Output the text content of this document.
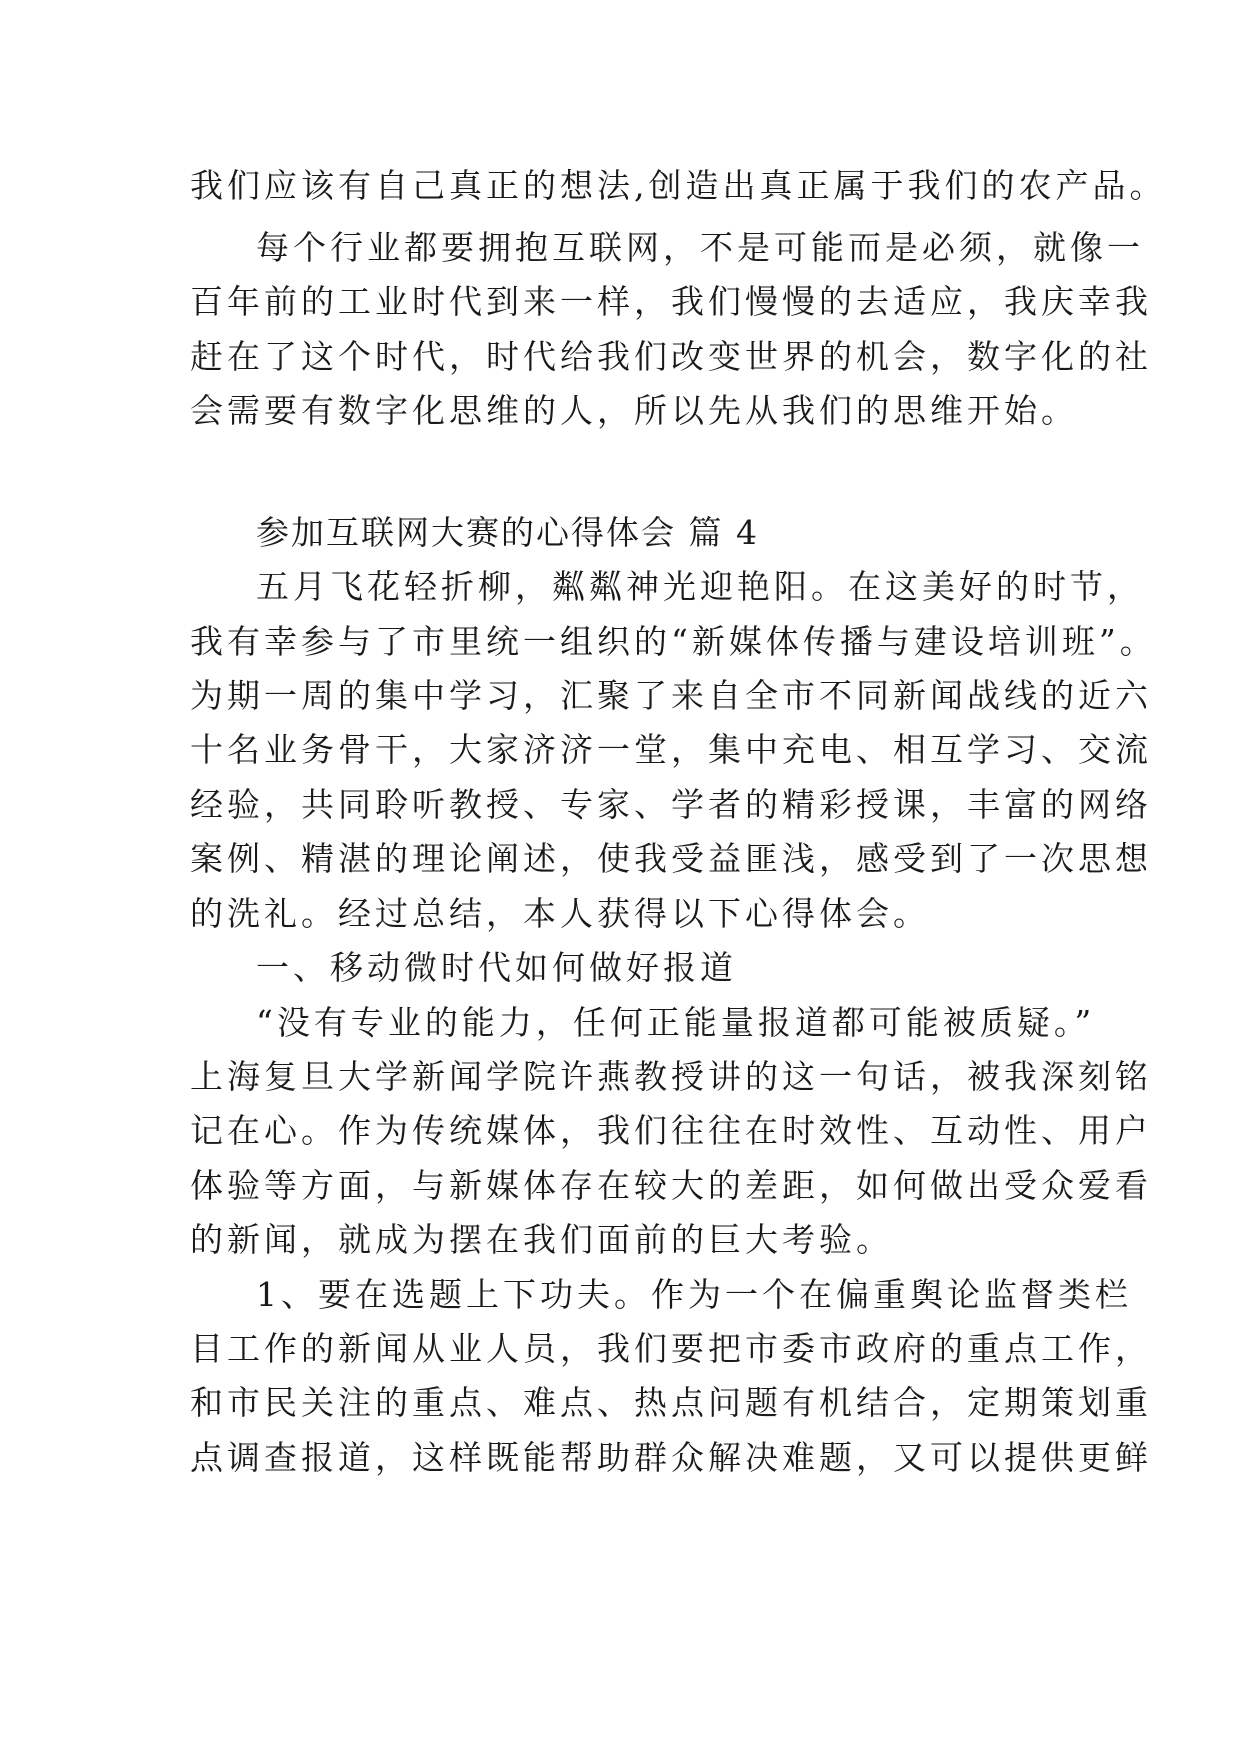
我们应该有自己真正的想法,创造出真正属于我们的农产品。
每个行业都要拥抱互联网，不是可能而是必须，就像一
百年前的工业时代到来一样，我们慢慢的去适应，我庆幸我
赶在了这个时代，时代给我们改变世界的机会，数字化的社
会需要有数字化思维的人，所以先从我们的思维开始。
参加互联网大赛的心得体会 篇 4
五月飞花轻折柳，粼粼神光迎艳阳。在这美好的时节，
我有幸参与了市里统一组织的“新媒体传播与建设培训班”。
为期一周的集中学习，汇聚了来自全市不同新闻战线的近六
十名业务骨干，大家济济一堂，集中充电、相互学习、交流
经验，共同聆听教授、专家、学者的精彩授课，丰富的网络
案例、精湛的理论阐述，使我受益匪浅，感受到了一次思想
的洗礼。经过总结，本人获得以下心得体会。
一、移动微时代如何做好报道
“没有专业的能力，任何正能量报道都可能被质疑。”
上海复旦大学新闻学院许燕教授讲的这一句话，被我深刻铭
记在心。作为传统媒体，我们往往在时效性、互动性、用户
体验等方面，与新媒体存在较大的差距，如何做出受众爱看
的新闻，就成为摆在我们面前的巨大考验。
1、要在选题上下功夫。作为一个在偏重舆论监督类栏
目工作的新闻从业人员，我们要把市委市政府的重点工作，
和市民关注的重点、难点、热点问题有机结合，定期策划重
点调查报道，这样既能帮助群众解决难题，又可以提供更鲜
